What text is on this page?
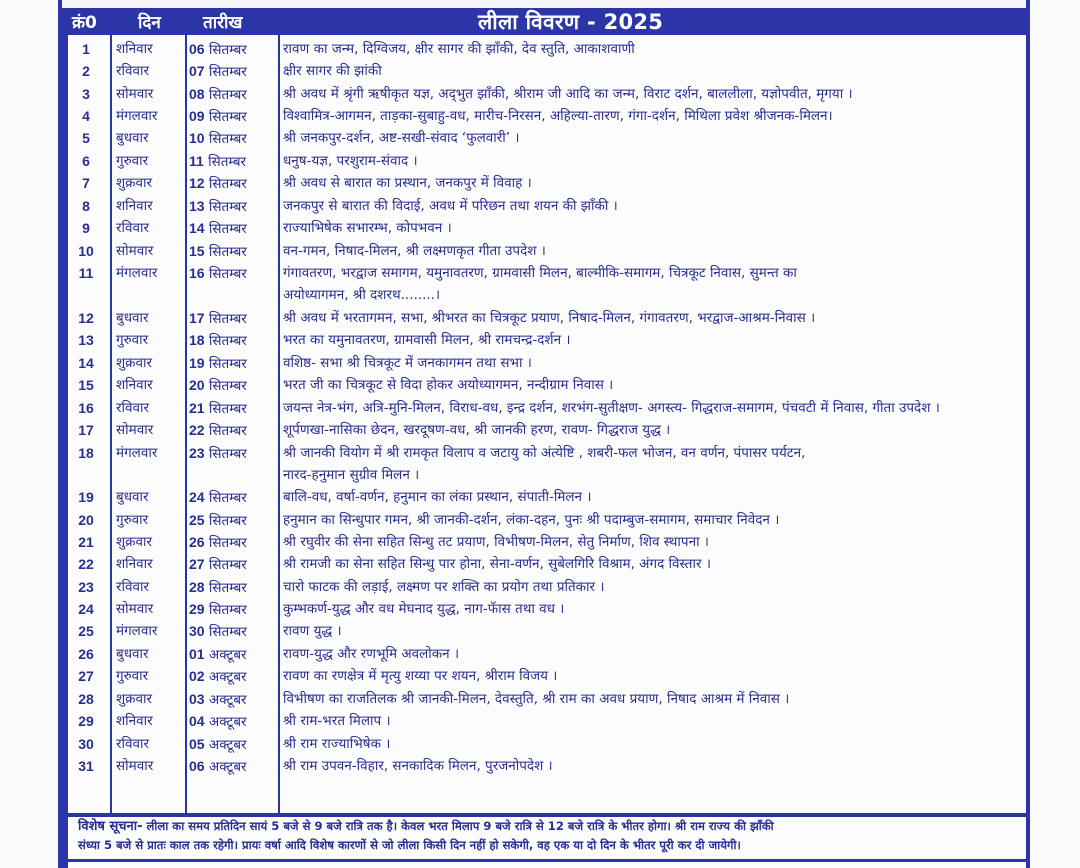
क्रं0 दिन तारीख	लीला विवरण - 2025
1	शनिवार	06 सितम्बर	रावण का जन्म, दिग्विजय, क्षीर सागर की झाँकी, देव स्तुति, आकाशवाणी
2	रविवार	07 सितम्बर	क्षीर सागर की झांकी
3	सोमवार	08 सितम्बर	श्री अवध में श्रृंगी ऋषीकृत यज्ञ, अद्‌भुत झाँकी, श्रीराम जी आदि का जन्म, विराट दर्शन, बाललीला, यज्ञोपवीत, मृगया ।
4	मंगलवार	09 सितम्बर	विश्वामित्र-आगमन, ताड़का-सुबाहु-वध, मारीच-निरसन, अहिल्या-तारण, गंगा-दर्शन, मिथिला प्रवेश श्रीजनक-मिलन।
5	बुधवार	10 सितम्बर	श्री जनकपुर-दर्शन, अष्ट-सखी-संवाद ‘फुलवारी’ ।
6	गुरुवार	11 सितम्बर	धनुष-यज्ञ, परशुराम-संवाद ।
7	शुक्रवार	12 सितम्बर	श्री अवध से बारात का प्रस्थान, जनकपुर में विवाह ।
8	शनिवार	13 सितम्बर	जनकपुर से बारात की विदाई, अवध में परिछन तथा शयन की झाँकी ।
9	रविवार	14 सितम्बर	राज्याभिषेक सभारम्भ, कोपभवन ।
10	सोमवार	15 सितम्बर	वन-गमन, निषाद-मिलन, श्री लक्ष्मणकृत गीता उपदेश ।
11	मंगलवार	16 सितम्बर	गंगावतरण, भरद्वाज समागम, यमुनावतरण, ग्रामवासी मिलन, बाल्मीकि-समागम, चित्रकूट निवास, सुमन्त का
अयोध्यागमन, श्री दशरथ........।
12	बुधवार	17 सितम्बर	श्री अवध में भरतागमन, सभा, श्रीभरत का चित्रकूट प्रयाण, निषाद-मिलन, गंगावतरण, भरद्वाज-आश्रम-निवास ।
13	गुरुवार	18 सितम्बर	भरत का यमुनावतरण, ग्रामवासी मिलन, श्री रामचन्द्र-दर्शन ।
14	शुक्रवार	19 सितम्बर	वशिष्ठ- सभा श्री चित्रकूट में जनकागमन तथा सभा ।
15	शनिवार	20 सितम्बर	भरत जी का चित्रकूट से विदा होकर अयोध्यागमन, नन्दीग्राम निवास ।
16	रविवार	21 सितम्बर	जयन्त नेत्र-भंग, अत्रि-मुनि-मिलन, विराध-वध, इन्द्र दर्शन, शरभंग-सुतीक्षण- अगस्त्य- गिद्धराज-समागम, पंचवटी में निवास, गीता उपदेश ।
17	सोमवार	22 सितम्बर	शूर्पणखा-नासिका छेदन, खरदूषण-वध, श्री जानकी हरण, रावण- गिद्धराज युद्ध ।
18	मंगलवार	23 सितम्बर	श्री जानकी वियोग में श्री रामकृत विलाप व जटायु को अंत्येष्टि , शबरी-फल भोजन, वन वर्णन, पंपासर पर्यटन,
नारद-हनुमान सुग्रीव मिलन ।
19	बुधवार	24 सितम्बर	बालि-वध, वर्षा-वर्णन, हनुमान का लंका प्रस्थान, संपाती-मिलन ।
20	गुरुवार	25 सितम्बर	हनुमान का सिन्धुपार गमन, श्री जानकी-दर्शन, लंका-दहन, पुनः श्री पदाम्बुज-समागम, समाचार निवेदन ।
21	शुक्रवार	26 सितम्बर	श्री रघुवीर की सेना सहित सिन्धु तट प्रयाण, विभीषण-मिलन, सेतु निर्माण, शिव स्थापना ।
22	शनिवार	27 सितम्बर	श्री रामजी का सेना सहित सिन्धु पार होना, सेना-वर्णन, सुबेलगिरि विश्राम, अंगद विस्तार ।
23	रविवार	28 सितम्बर	चारो फाटक की लड़ाई, लक्ष्मण पर शक्ति का प्रयोग तथा प्रतिकार ।
24	सोमवार	29 सितम्बर	कुम्भकर्ण-युद्ध और वध मेघनाद युद्ध, नाग-फॅास तथा वध ।
25	मंगलवार	30 सितम्बर	रावण युद्ध ।
26	बुधवार	01 अक्टूबर	रावण-युद्ध और रणभूमि अवलोकन ।
27	गुरुवार	02 अक्टूबर	रावण का रणक्षेत्र में मृत्यु शय्या पर शयन, श्रीराम विजय ।
28	शुक्रवार	03 अक्टूबर	विभीषण का राजतिलक श्री जानकी-मिलन, देवस्तुति, श्री राम का अवध प्रयाण, निषाद आश्रम में निवास ।
29	शनिवार	04 अक्टूबर	श्री राम-भरत मिलाप ।
30	रविवार	05 अक्टूबर	श्री राम राज्याभिषेक ।
31	सोमवार	06 अक्टूबर	श्री राम उपवन-विहार, सनकादिक मिलन, पुरजनोपदेश ।
विशेष सूचना- लीला का समय प्रतिदिन सायं 5 बजे से 9 बजे रात्रि तक है। केवल भरत मिलाप 9 बजे रात्रि से 12 बजे रात्रि के भीतर होगा। श्री राम राज्य की झाँकी
संध्या 5 बजे से प्रातः काल तक रहेगी। प्रायः वर्षा आदि विशेष कारणों से जो लीला किसी दिन नहीं हो सकेगी, वह एक या दो दिन के भीतर पूरी कर दी जायेगी।
